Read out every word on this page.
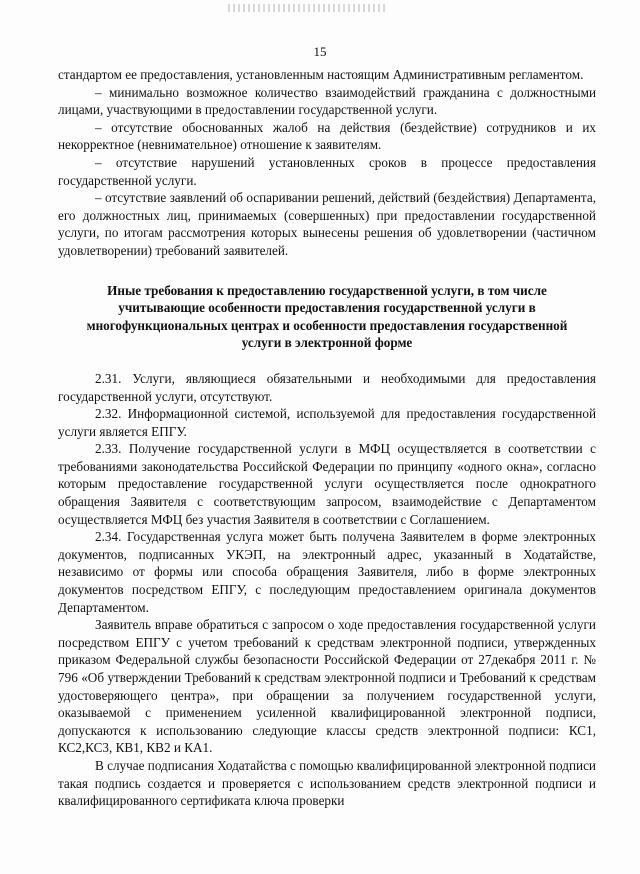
15

стандартом ее предоставления, установленным настоящим Административным регламентом.

– минимально возможное количество взаимодействий гражданина с должностными лицами, участвующими в предоставлении государственной услуги.

– отсутствие обоснованных жалоб на действия (бездействие) сотрудников и их некорректное (невнимательное) отношение к заявителям.

– отсутствие нарушений установленных сроков в процессе предоставления государственной услуги.

– отсутствие заявлений об оспаривании решений, действий (бездействия) Департамента, его должностных лиц, принимаемых (совершенных) при предоставлении государственной услуги, по итогам рассмотрения которых вынесены решения об удовлетворении (частичном удовлетворении) требований заявителей.

Иные требования к предоставлению государственной услуги, в том числе учитывающие особенности предоставления государственной услуги в многофункциональных центрах и особенности предоставления государственной услуги в электронной форме

2.31. Услуги, являющиеся обязательными и необходимыми для предоставления государственной услуги, отсутствуют.

2.32. Информационной системой, используемой для предоставления государственной услуги является ЕПГУ.

2.33. Получение государственной услуги в МФЦ осуществляется в соответствии с требованиями законодательства Российской Федерации по принципу «одного окна», согласно которым предоставление государственной услуги осуществляется после однократного обращения Заявителя с соответствующим запросом, взаимодействие с Департаментом осуществляется МФЦ без участия Заявителя в соответствии с Соглашением.

2.34. Государственная услуга может быть получена Заявителем в форме электронных документов, подписанных УКЭП, на электронный адрес, указанный в Ходатайстве, независимо от формы или способа обращения Заявителя, либо в форме электронных документов посредством ЕПГУ, с последующим предоставлением оригинала документов Департаментом.

Заявитель вправе обратиться с запросом о ходе предоставления государственной услуги посредством ЕПГУ с учетом требований к средствам электронной подписи, утвержденных приказом Федеральной службы безопасности Российской Федерации от 27декабря 2011 г. № 796 «Об утверждении Требований к средствам электронной подписи и Требований к средствам удостоверяющего центра», при обращении за получением государственной услуги, оказываемой с применением усиленной квалифицированной электронной подписи, допускаются к использованию следующие классы средств электронной подписи: КС1, КС2,КС3, КВ1, КВ2 и КА1.

В случае подписания Ходатайства с помощью квалифицированной электронной подписи такая подпись создается и проверяется с использованием средств электронной подписи и квалифицированного сертификата ключа проверки
